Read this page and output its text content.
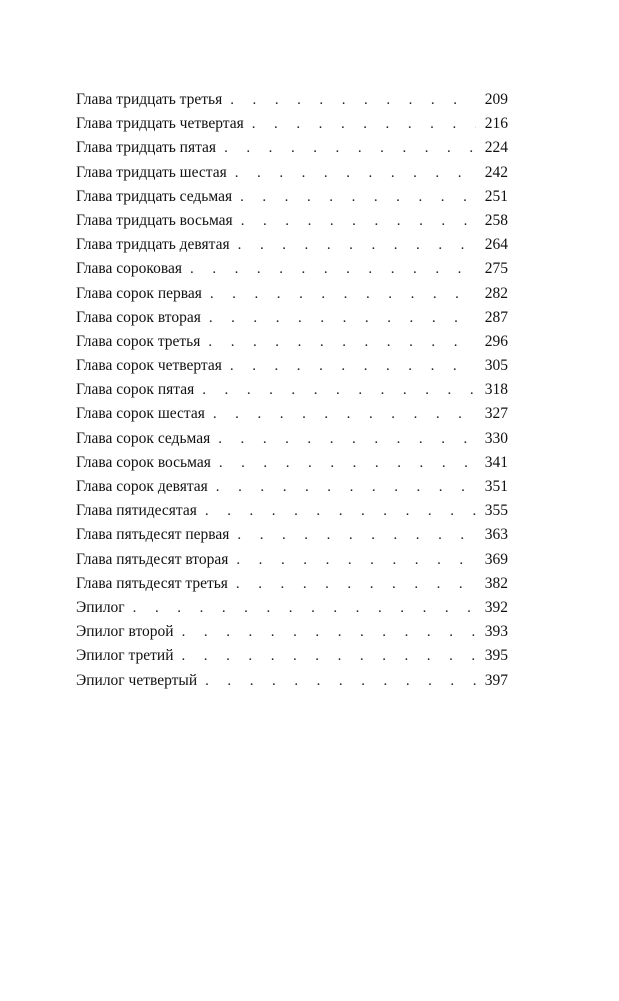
Глава тридцать третья . . .	209
Глава тридцать четвертая . . .	216
Глава тридцать пятая . . .	224
Глава тридцать шестая . . .	242
Глава тридцать седьмая . . .	251
Глава тридцать восьмая . . .	258
Глава тридцать девятая . . .	264
Глава сороковая . . .	275
Глава сорок первая . . .	282
Глава сорок вторая . . .	287
Глава сорок третья . . .	296
Глава сорок четвертая . . .	305
Глава сорок пятая . . .	318
Глава сорок шестая . . .	327
Глава сорок седьмая . . .	330
Глава сорок восьмая . . .	341
Глава сорок девятая . . .	351
Глава пятидесятая . . .	355
Глава пятьдесят первая . . .	363
Глава пятьдесят вторая . . .	369
Глава пятьдесят третья . . .	382
Эпилог . . .	392
Эпилог второй . . .	393
Эпилог третий . . .	395
Эпилог четвертый . . .	397
